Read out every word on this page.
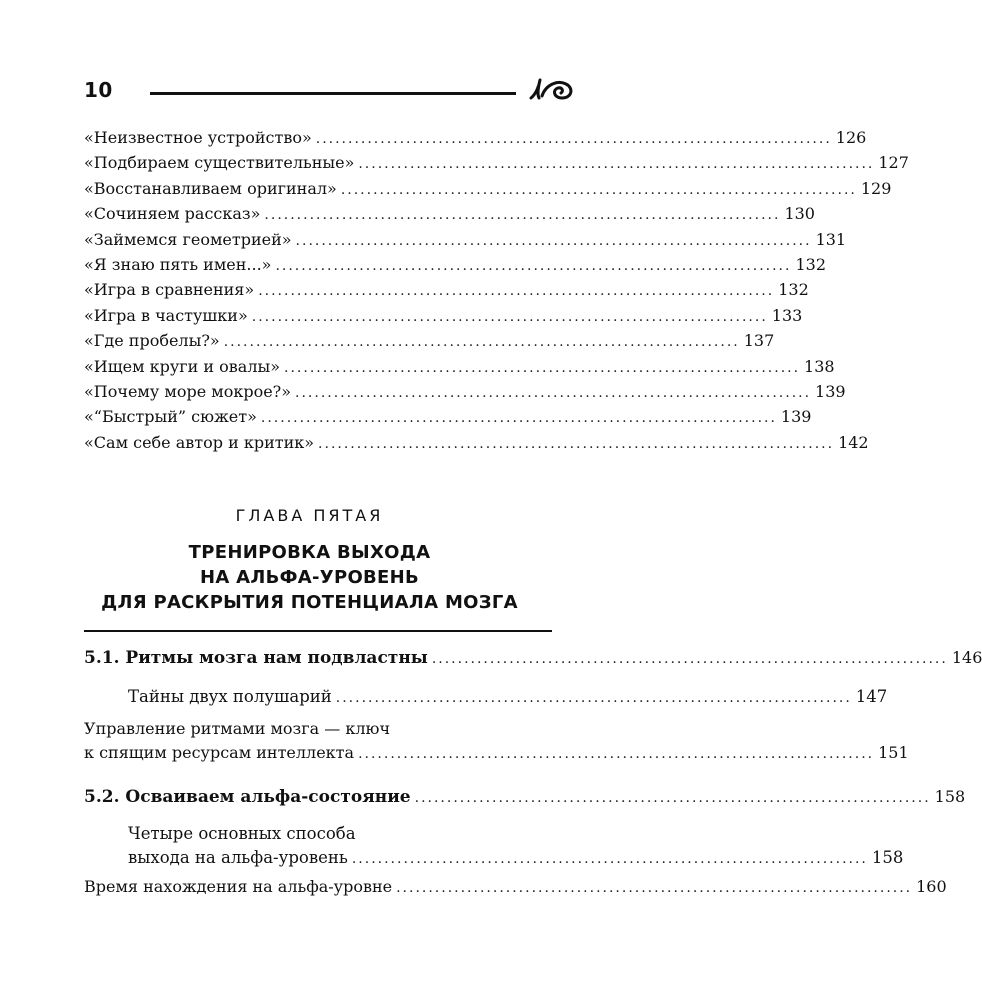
10
«Неизвестное устройство» ................................................................................ 126
«Подбираем существительные» ................................................................................ 127
«Восстанавливаем оригинал» ................................................................................ 129
«Сочиняем рассказ» ................................................................................ 130
«Займемся геометрией» ................................................................................ 131
«Я знаю пять имен...» ................................................................................ 132
«Игра в сравнения» ................................................................................ 132
«Игра в частушки» ................................................................................ 133
«Где пробелы?» ................................................................................ 137
«Ищем круги и овалы» ................................................................................ 138
«Почему море мокрое?» ................................................................................ 139
«“Быстрый” сюжет» ................................................................................ 139
«Сам себе автор и критик» ................................................................................ 142
ГЛАВА ПЯТАЯ
ТРЕНИРОВКА ВЫХОДА
НА АЛЬФА-УРОВЕНЬ
ДЛЯ РАСКРЫТИЯ ПОТЕНЦИАЛА МОЗГА
5.1. Ритмы мозга нам подвластны ................................................................................ 146
Тайны двух полушарий ................................................................................ 147
Управление ритмами мозга — ключ
к спящим ресурсам интеллекта ................................................................................ 151
5.2. Осваиваем альфа-состояние ................................................................................ 158
Четыре основных способа
выхода на альфа-уровень ................................................................................ 158
Время нахождения на альфа-уровне ................................................................................ 160
